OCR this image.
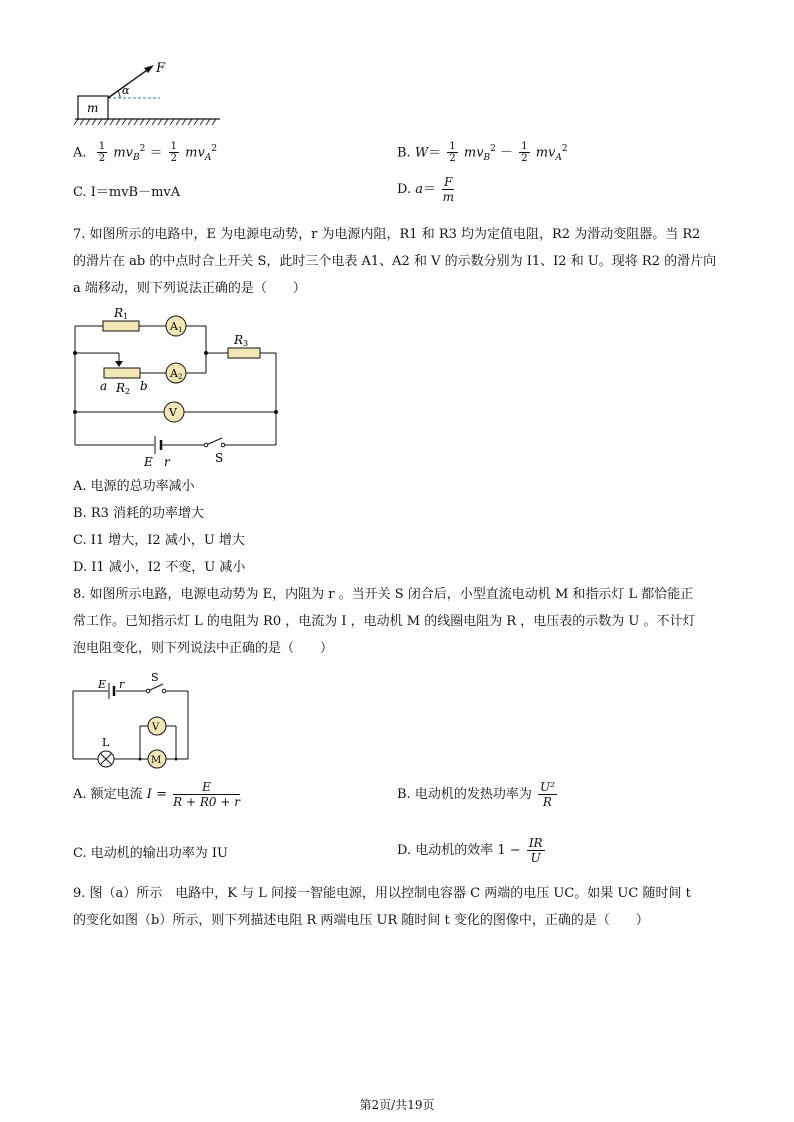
m
F
α
A. $\frac{1}{2} mv_B^2 = \frac{1}{2} mv_A^2$	B. $W= \frac{1}{2} mv_B^2 - \frac{1}{2} mv_A^2$
C. I＝mvB－mvA	D. $a= \frac{F}{m}$
7. 如图所示的电路中，E 为电源电动势，r 为电源内阻，R1 和 R3 均为定值电阻，R2 为滑动变阻器。当 R2
的滑片在 ab 的中点时合上开关 S，此时三个电表 A1、A2 和 V 的示数分别为 I1、I2 和 U。现将 R2 的滑片向
a 端移动，则下列说法正确的是（　　）
R 1
A 1
R 3
a R 2 b
A 2
V
E r	S
A. 电源的总功率减小
B. R3 消耗的功率增大
C. I1 增大，I2 减小，U 增大
D. I1 减小，I2 不变，U 减小
8. 如图所示电路，电源电动势为 E，内阻为 r 。当开关 S 闭合后，小型直流电动机 M 和指示灯 L 都恰能正
常工作。已知指示灯 L 的电阻为 R0 ，电流为 I ，电动机 M 的线圈电阻为 R ，电压表的示数为 U 。不计灯
泡电阻变化，则下列说法中正确的是（　　）
E r
S
V
L
M
A. 额定电流 $I = \frac{E}{R + R0 + r}$	B. 电动机的发热功率为 $\frac{\text{U²}}{R}$
C. 电动机的输出功率为 IU	D. 电动机的效率 $1 - \frac{IR}{U}$
9. 图（a）所示　电路中，K 与 L 间接一智能电源，用以控制电容器 C 两端的电压 UC。如果 UC 随时间 t
的变化如图（b）所示，则下列描述电阻 R 两端电压 UR 随时间 t 变化的图像中，正确的是（　　）
第2页/共19页
